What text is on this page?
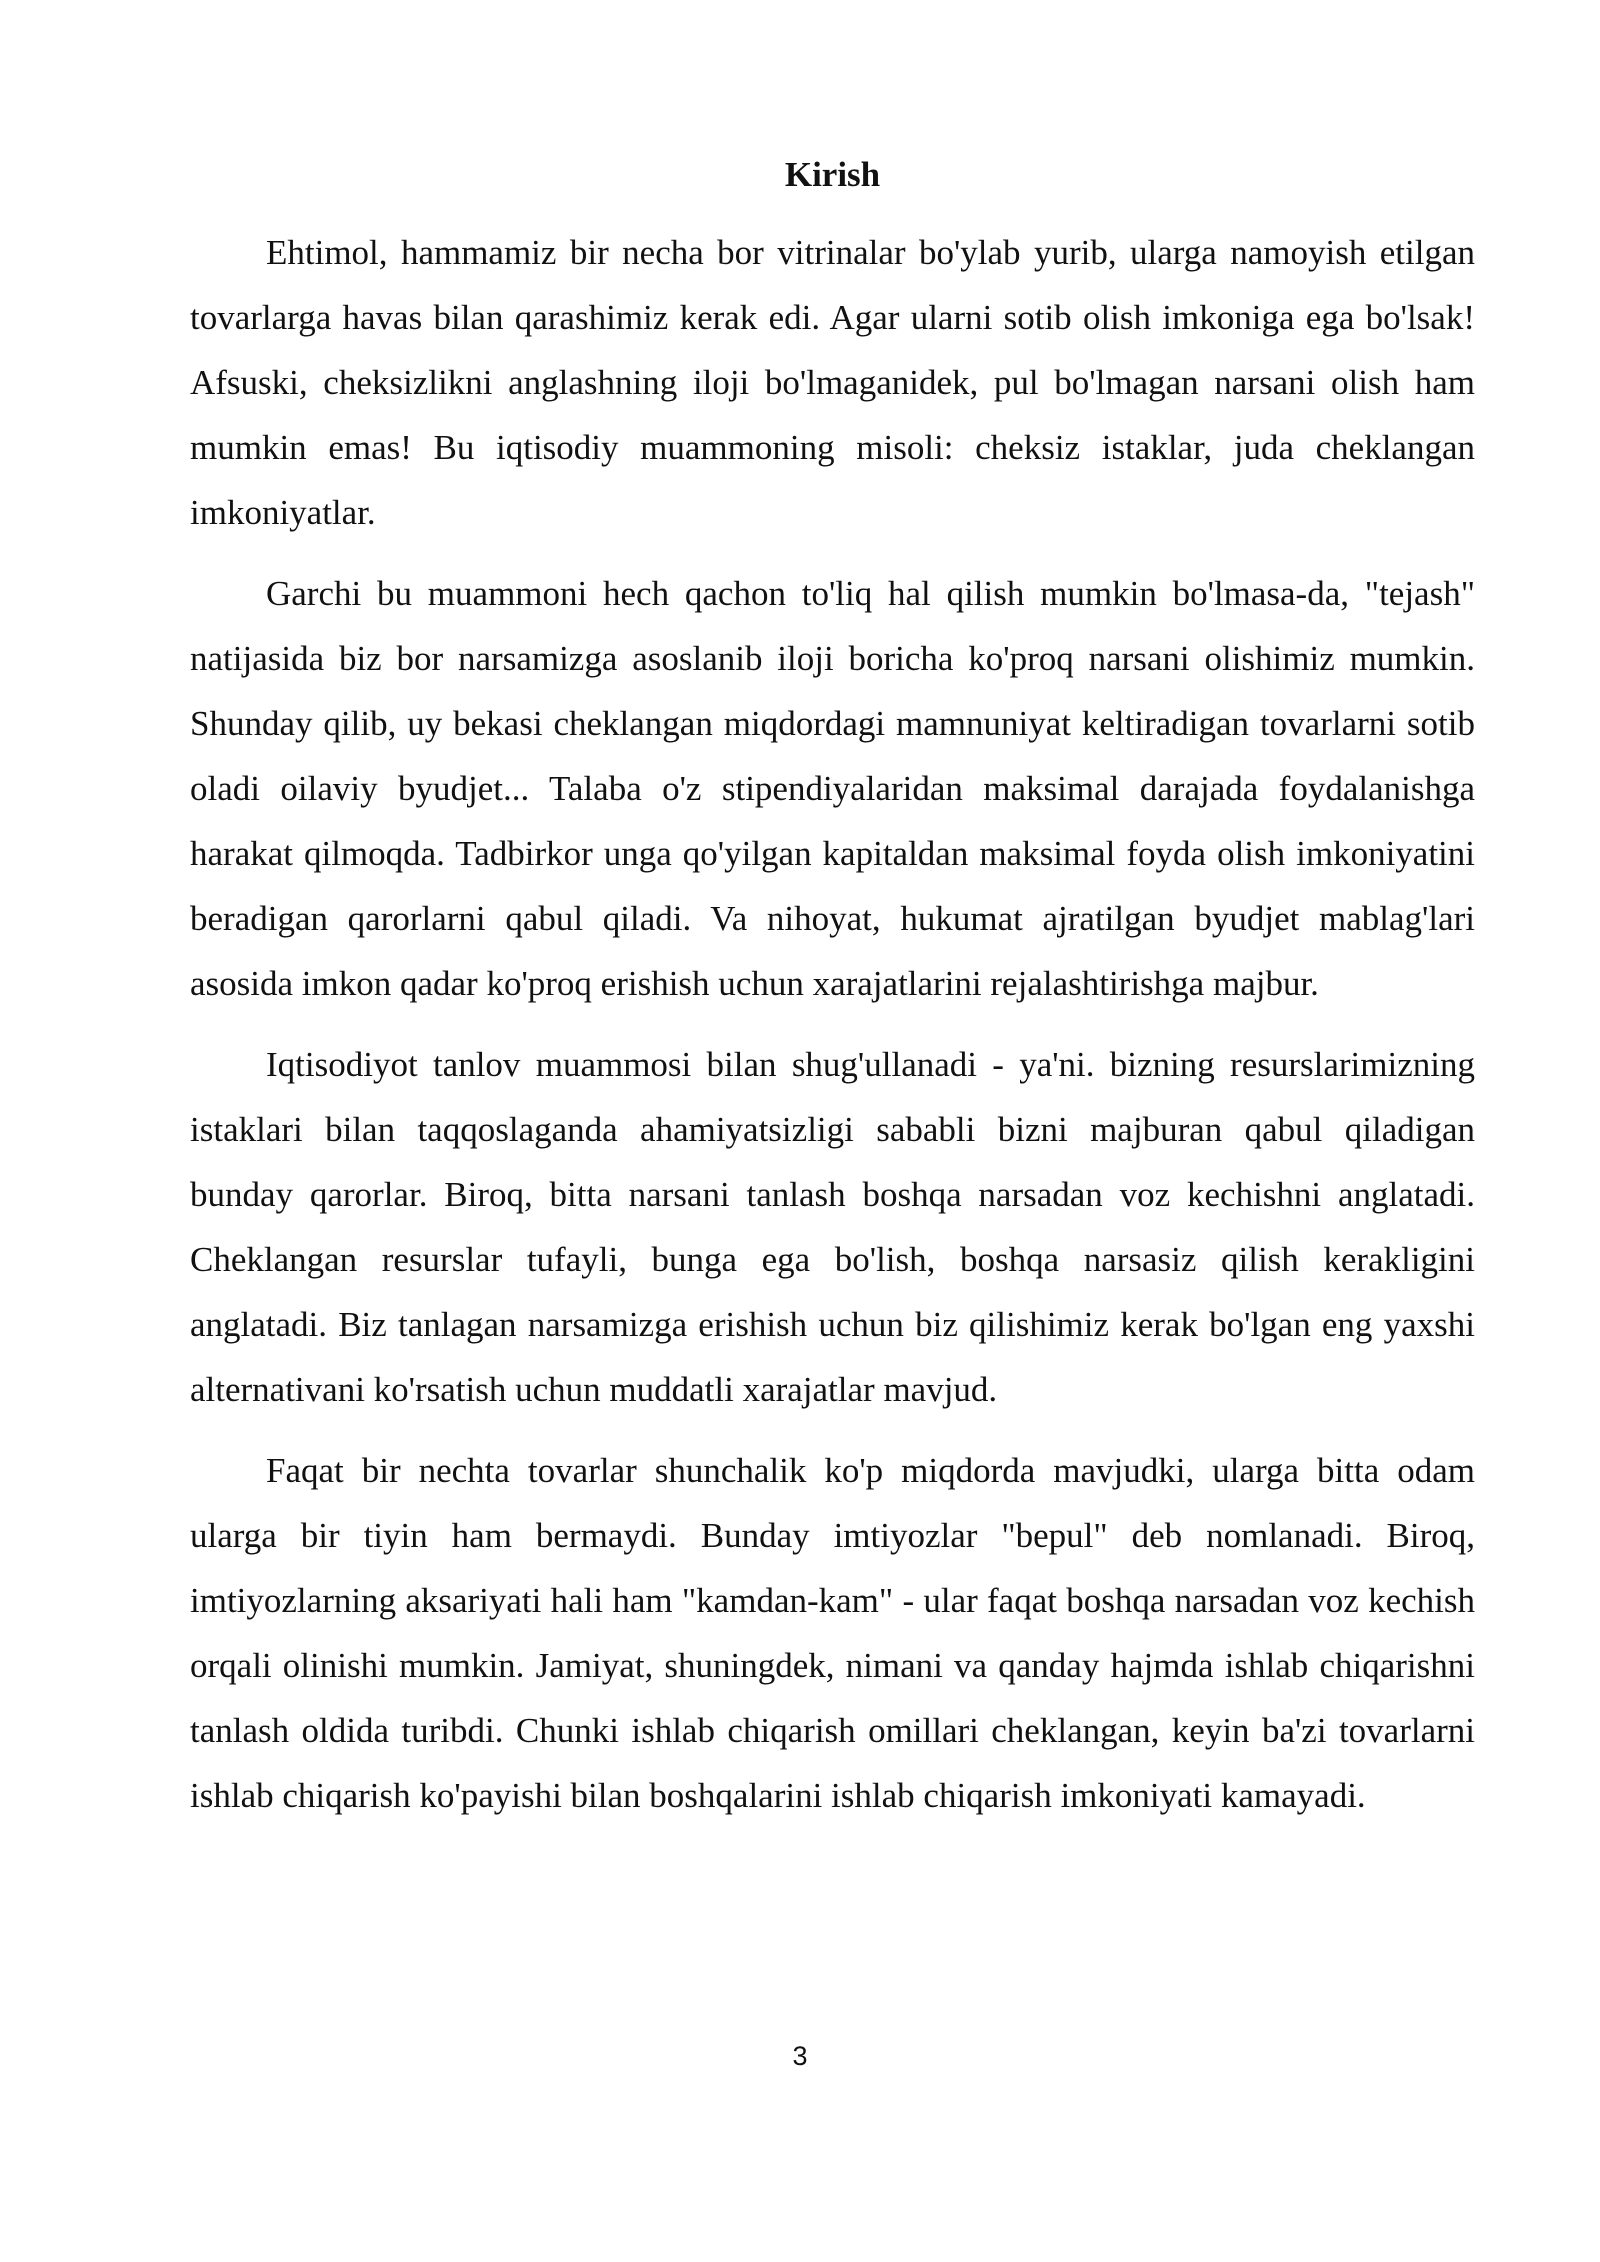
Kirish

Ehtimol, hammamiz bir necha bor vitrinalar bo'ylab yurib, ularga namoyish etilgan tovarlarga havas bilan qarashimiz kerak edi. Agar ularni sotib olish imkoniga ega bo'lsak! Afsuski, cheksizlikni anglashning iloji bo'lmaganidek, pul bo'lmagan narsani olish ham mumkin emas! Bu iqtisodiy muammoning misoli: cheksiz istaklar, juda cheklangan imkoniyatlar.

Garchi bu muammoni hech qachon to'liq hal qilish mumkin bo'lmasa-da, "tejash" natijasida biz bor narsamizga asoslanib iloji boricha ko'proq narsani olishimiz mumkin. Shunday qilib, uy bekasi cheklangan miqdordagi mamnuniyat keltiradigan tovarlarni sotib oladi oilaviy byudjet... Talaba o'z stipendiyalaridan maksimal darajada foydalanishga harakat qilmoqda. Tadbirkor unga qo'yilgan kapitaldan maksimal foyda olish imkoniyatini beradigan qarorlarni qabul qiladi. Va nihoyat, hukumat ajratilgan byudjet mablag'lari asosida imkon qadar ko'proq erishish uchun xarajatlarini rejalashtirishga majbur.

Iqtisodiyot tanlov muammosi bilan shug'ullanadi - ya'ni. bizning resurslarimizning istaklari bilan taqqoslaganda ahamiyatsizligi sababli bizni majburan qabul qiladigan bunday qarorlar. Biroq, bitta narsani tanlash boshqa narsadan voz kechishni anglatadi. Cheklangan resurslar tufayli, bunga ega bo'lish, boshqa narsasiz qilish kerakligini anglatadi. Biz tanlagan narsamizga erishish uchun biz qilishimiz kerak bo'lgan eng yaxshi alternativani ko'rsatish uchun muddatli xarajatlar mavjud.

Faqat bir nechta tovarlar shunchalik ko'p miqdorda mavjudki, ularga bitta odam ularga bir tiyin ham bermaydi. Bunday imtiyozlar "bepul" deb nomlanadi. Biroq, imtiyozlarning aksariyati hali ham "kamdan-kam" - ular faqat boshqa narsadan voz kechish orqali olinishi mumkin. Jamiyat, shuningdek, nimani va qanday hajmda ishlab chiqarishni tanlash oldida turibdi. Chunki ishlab chiqarish omillari cheklangan, keyin ba'zi tovarlarni ishlab chiqarish ko'payishi bilan boshqalarini ishlab chiqarish imkoniyati kamayadi.

3
